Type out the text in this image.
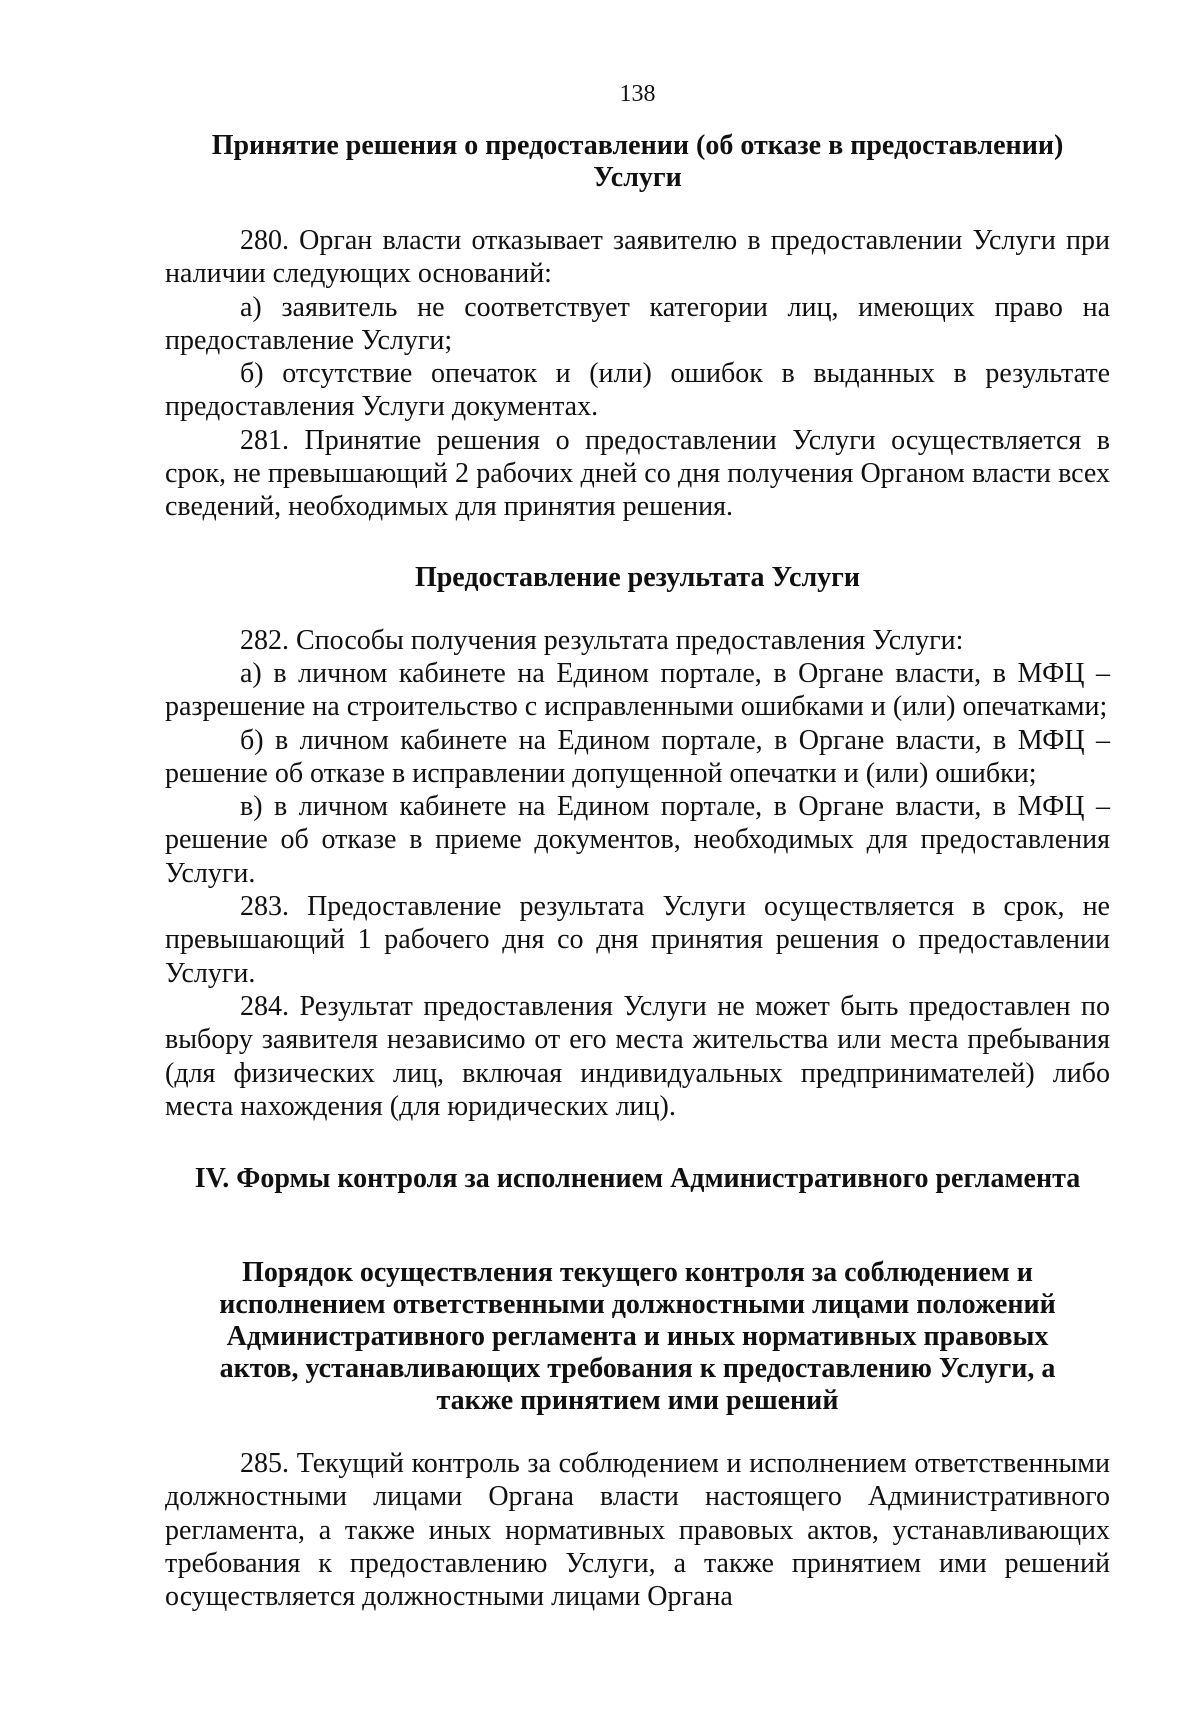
138
Принятие решения о предоставлении (об отказе в предоставлении)
Услуги

280. Орган власти отказывает заявителю в предоставлении Услуги при наличии следующих оснований:

а) заявитель не соответствует категории лиц, имеющих право на предоставление Услуги;

б) отсутствие опечаток и (или) ошибок в выданных в результате предоставления Услуги документах.

281. Принятие решения о предоставлении Услуги осуществляется в срок, не превышающий 2 рабочих дней со дня получения Органом власти всех сведений, необходимых для принятия решения.

Предоставление результата Услуги

282. Способы получения результата предоставления Услуги:

а) в личном кабинете на Едином портале, в Органе власти, в МФЦ – разрешение на строительство с исправленными ошибками и (или) опечатками;

б) в личном кабинете на Едином портале, в Органе власти, в МФЦ – решение об отказе в исправлении допущенной опечатки и (или) ошибки;

в) в личном кабинете на Едином портале, в Органе власти, в МФЦ – решение об отказе в приеме документов, необходимых для предоставления Услуги.

283. Предоставление результата Услуги осуществляется в срок, не превышающий 1 рабочего дня со дня принятия решения о предоставлении Услуги.

284. Результат предоставления Услуги не может быть предоставлен по выбору заявителя независимо от его места жительства или места пребывания (для физических лиц, включая индивидуальных предпринимателей) либо места нахождения (для юридических лиц).

IV. Формы контроля за исполнением Административного регламента
Порядок осуществления текущего контроля за соблюдением и
исполнением ответственными должностными лицами положений
Административного регламента и иных нормативных правовых
актов, устанавливающих требования к предоставлению Услуги, а
также принятием ими решений

285. Текущий контроль за соблюдением и исполнением ответственными должностными лицами Органа власти настоящего Административного регламента, а также иных нормативных правовых актов, устанавливающих требования к предоставлению Услуги, а также принятием ими решений осуществляется должностными лицами Органа
